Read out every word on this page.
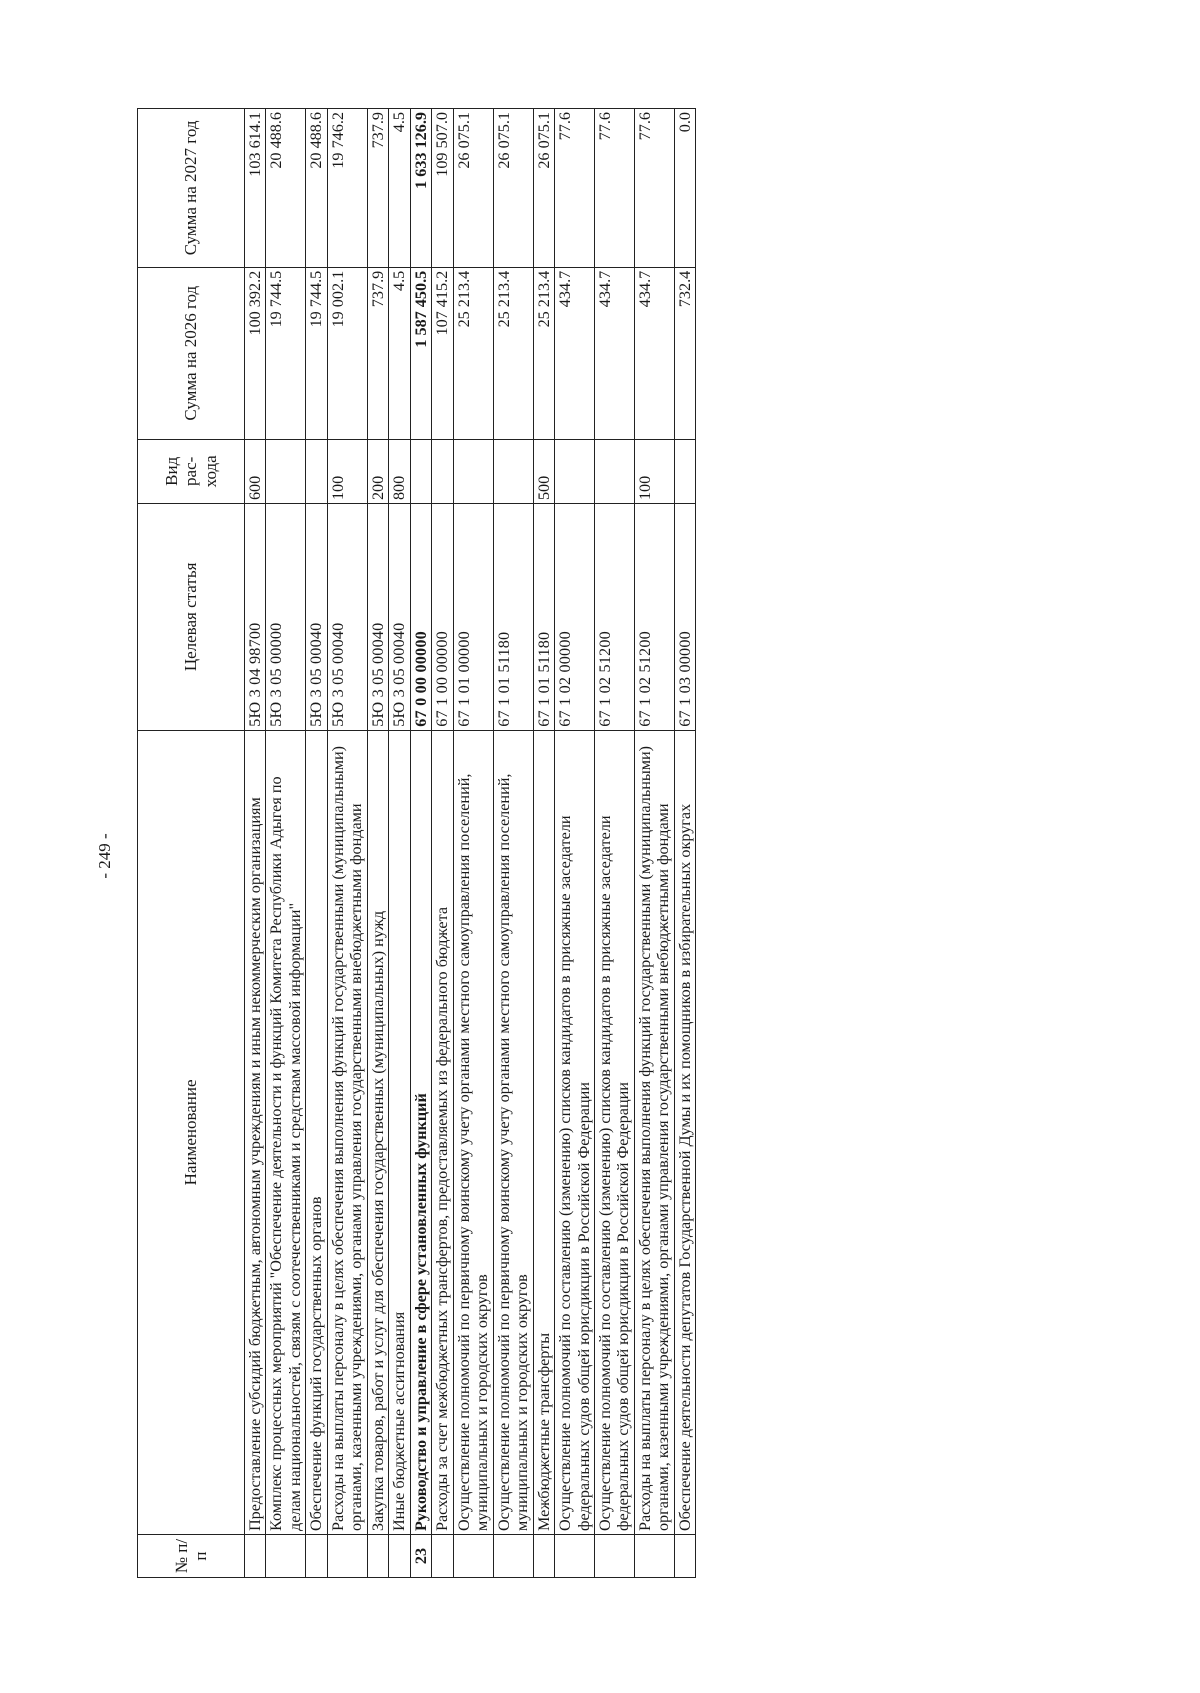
- 249 -
№ п/п	Наименование	Целевая статья	Вид рас- хода	Сумма на 2026 год	Сумма на 2027 год
	Предоставление субсидий бюджетным, автономным учреждениям и иным некоммерческим организациям	5Ю 3 04 98700	600	100 392.2	103 614.1
	Комплекс процессных мероприятий "Обеспечение деятельности и функций Комитета Республики Адыгея по делам национальностей, связям с соотечественниками и средствам массовой информации"	5Ю 3 05 00000		19 744.5	20 488.6
	Обеспечение функций государственных органов	5Ю 3 05 00040		19 744.5	20 488.6
	Расходы на выплаты персоналу в целях обеспечения выполнения функций государственными (муниципальными) органами, казенными учреждениями, органами управления государственными внебюджетными фондами	5Ю 3 05 00040	100	19 002.1	19 746.2
	Закупка товаров, работ и услуг для обеспечения государственных (муниципальных) нужд	5Ю 3 05 00040	200	737.9	737.9
	Иные бюджетные ассигнования	5Ю 3 05 00040	800	4.5	4.5
23	Руководство и управление в сфере установленных функций	67 0 00 00000		1 587 450.5	1 633 126.9
	Расходы за счет межбюджетных трансфертов, предоставляемых из федерального бюджета	67 1 00 00000		107 415.2	109 507.0
	Осуществление полномочий по первичному воинскому учету органами местного самоуправления поселений, муниципальных и городских округов	67 1 01 00000		25 213.4	26 075.1
	Осуществление полномочий по первичному воинскому учету органами местного самоуправления поселений, муниципальных и городских округов	67 1 01 51180		25 213.4	26 075.1
	Межбюджетные трансферты	67 1 01 51180	500	25 213.4	26 075.1
	Осуществление полномочий по составлению (изменению) списков кандидатов в присяжные заседатели федеральных судов общей юрисдикции в Российской Федерации	67 1 02 00000		434.7	77.6
	Осуществление полномочий по составлению (изменению) списков кандидатов в присяжные заседатели федеральных судов общей юрисдикции в Российской Федерации	67 1 02 51200		434.7	77.6
	Расходы на выплаты персоналу в целях обеспечения выполнения функций государственными (муниципальными) органами, казенными учреждениями, органами управления государственными внебюджетными фондами	67 1 02 51200	100	434.7	77.6
	Обеспечение деятельности депутатов Государственной Думы и их помощников в избирательных округах	67 1 03 00000		732.4	0.0
